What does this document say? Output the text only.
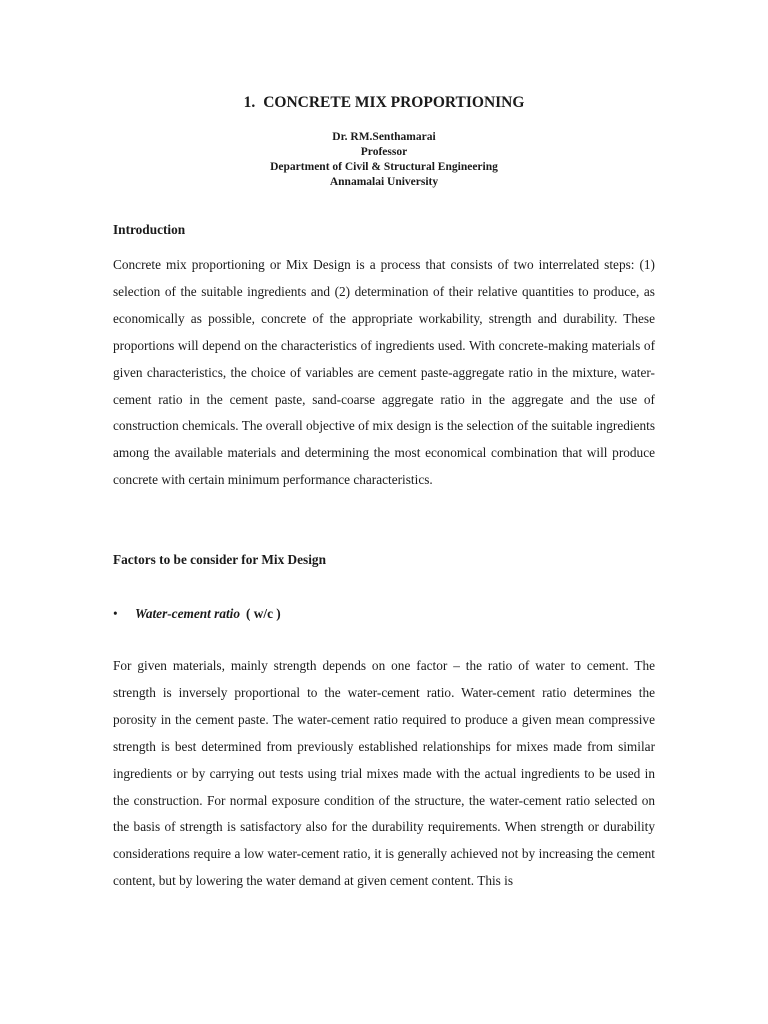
1. CONCRETE MIX PROPORTIONING
Dr. RM.Senthamarai
Professor
Department of Civil & Structural Engineering
Annamalai University
Introduction
Concrete mix proportioning or Mix Design is a process that consists of two interrelated steps: (1) selection of the suitable ingredients and (2) determination of their relative quantities to produce, as economically as possible, concrete of the appropriate workability, strength and durability. These proportions will depend on the characteristics of ingredients used. With concrete-making materials of given characteristics, the choice of variables are cement paste-aggregate ratio in the mixture, water-cement ratio in the cement paste, sand-coarse aggregate ratio in the aggregate and the use of construction chemicals. The overall objective of mix design is the selection of the suitable ingredients among the available materials and determining the most economical combination that will produce concrete with certain minimum performance characteristics.
Factors to be consider for Mix Design
• Water-cement ratio ( w/c )
For given materials, mainly strength depends on one factor – the ratio of water to cement. The strength is inversely proportional to the water-cement ratio. Water-cement ratio determines the porosity in the cement paste. The water-cement ratio required to produce a given mean compressive strength is best determined from previously established relationships for mixes made from similar ingredients or by carrying out tests using trial mixes made with the actual ingredients to be used in the construction. For normal exposure condition of the structure, the water-cement ratio selected on the basis of strength is satisfactory also for the durability requirements. When strength or durability considerations require a low water-cement ratio, it is generally achieved not by increasing the cement content, but by lowering the water demand at given cement content. This is
